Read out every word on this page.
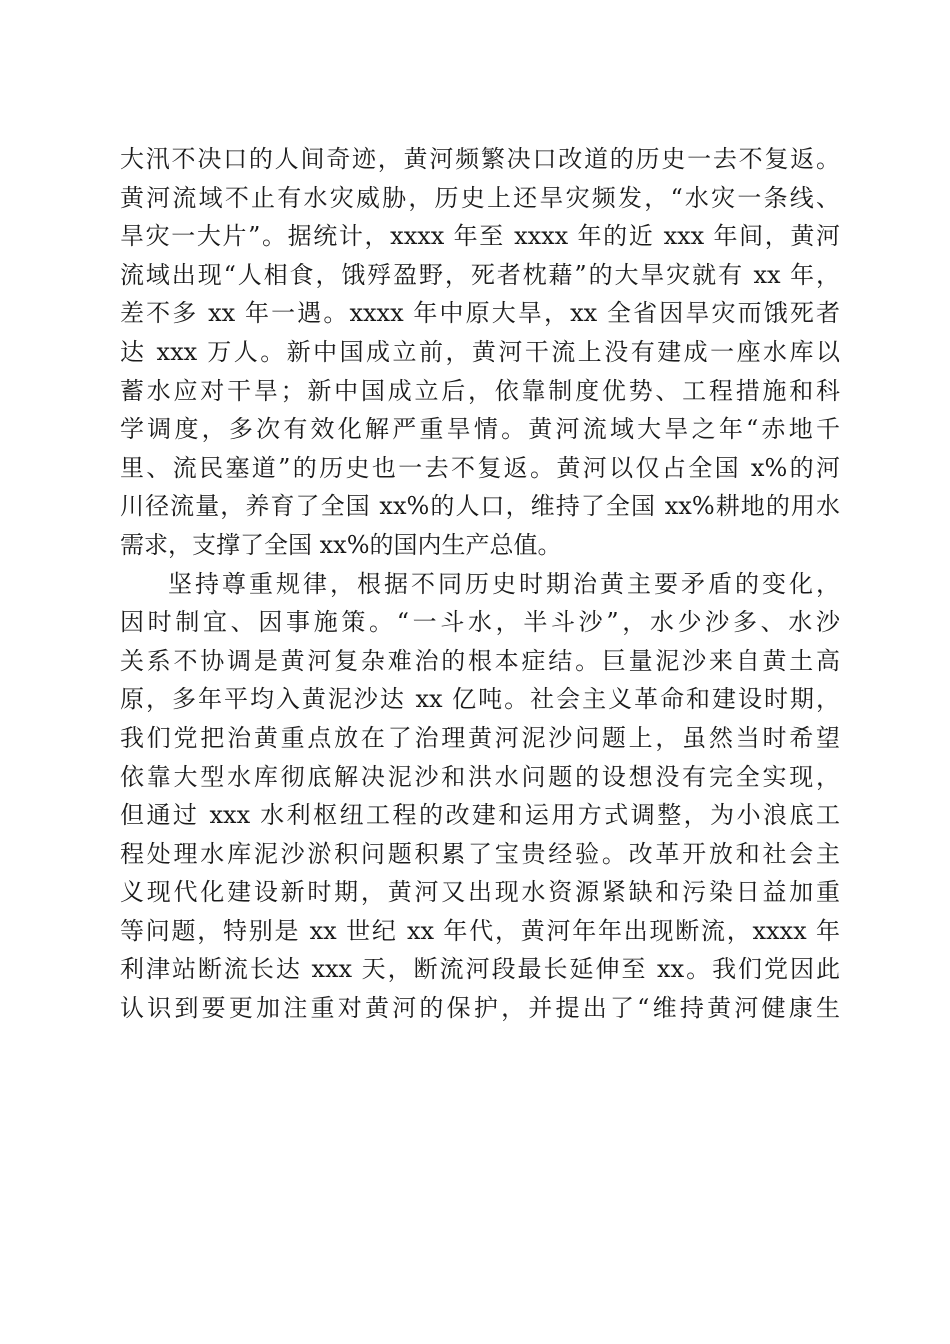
大汛不决口的人间奇迹，黄河频繁决口改道的历史一去不复返。
黄河流域不止有水灾威胁，历史上还旱灾频发，“水灾一条线、
旱灾一大片”。据统计，xxxx 年至 xxxx 年的近 xxx 年间，黄河
流域出现“人相食，饿殍盈野，死者枕藉”的大旱灾就有 xx 年，
差不多 xx 年一遇。xxxx 年中原大旱，xx 全省因旱灾而饿死者
达 xxx 万人。新中国成立前，黄河干流上没有建成一座水库以
蓄水应对干旱；新中国成立后，依靠制度优势、工程措施和科
学调度，多次有效化解严重旱情。黄河流域大旱之年“赤地千
里、流民塞道”的历史也一去不复返。黄河以仅占全国 x%的河
川径流量，养育了全国 xx%的人口，维持了全国 xx%耕地的用水
需求，支撑了全国 xx%的国内生产总值。
坚持尊重规律，根据不同历史时期治黄主要矛盾的变化，
因时制宜、因事施策。“一斗水，半斗沙”，水少沙多、水沙
关系不协调是黄河复杂难治的根本症结。巨量泥沙来自黄土高
原，多年平均入黄泥沙达 xx 亿吨。社会主义革命和建设时期，
我们党把治黄重点放在了治理黄河泥沙问题上，虽然当时希望
依靠大型水库彻底解决泥沙和洪水问题的设想没有完全实现，
但通过 xxx 水利枢纽工程的改建和运用方式调整，为小浪底工
程处理水库泥沙淤积问题积累了宝贵经验。改革开放和社会主
义现代化建设新时期，黄河又出现水资源紧缺和污染日益加重
等问题，特别是 xx 世纪 xx 年代，黄河年年出现断流，xxxx 年
利津站断流长达 xxx 天，断流河段最长延伸至 xx。我们党因此
认识到要更加注重对黄河的保护，并提出了“维持黄河健康生
